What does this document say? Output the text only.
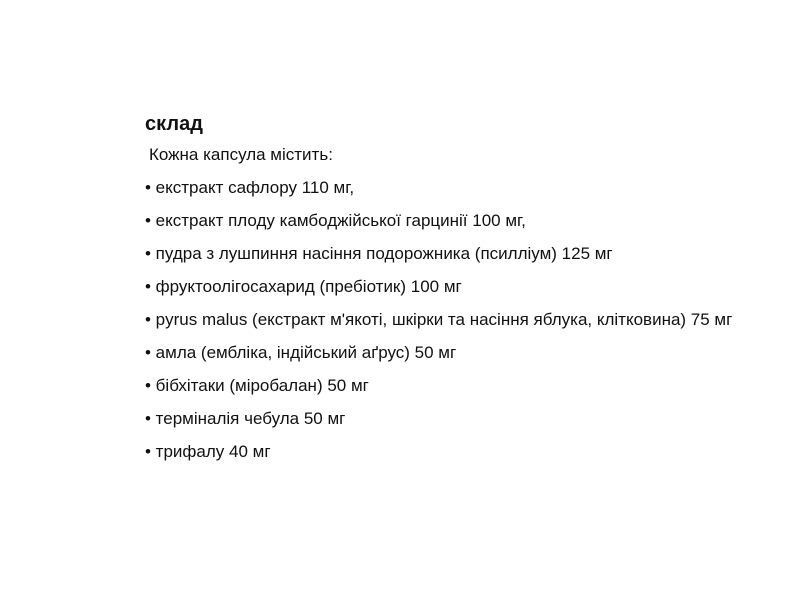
склад
Кожна капсула містить:
• екстракт сафлору 110 мг,
• екстракт плоду камбоджійської гарцинії 100 мг,
• пудра з лушпиння насіння подорожника (псилліум) 125 мг
• фруктоолігосахарид (пребіотик) 100 мг
• pyrus malus (екстракт м'якоті, шкірки та насіння яблука, клітковина) 75 мг
• амла (ембліка, індійський аґрус) 50 мг
• бібхітаки (міробалан) 50 мг
• терміналія чебула 50 мг
• трифалу 40 мг
